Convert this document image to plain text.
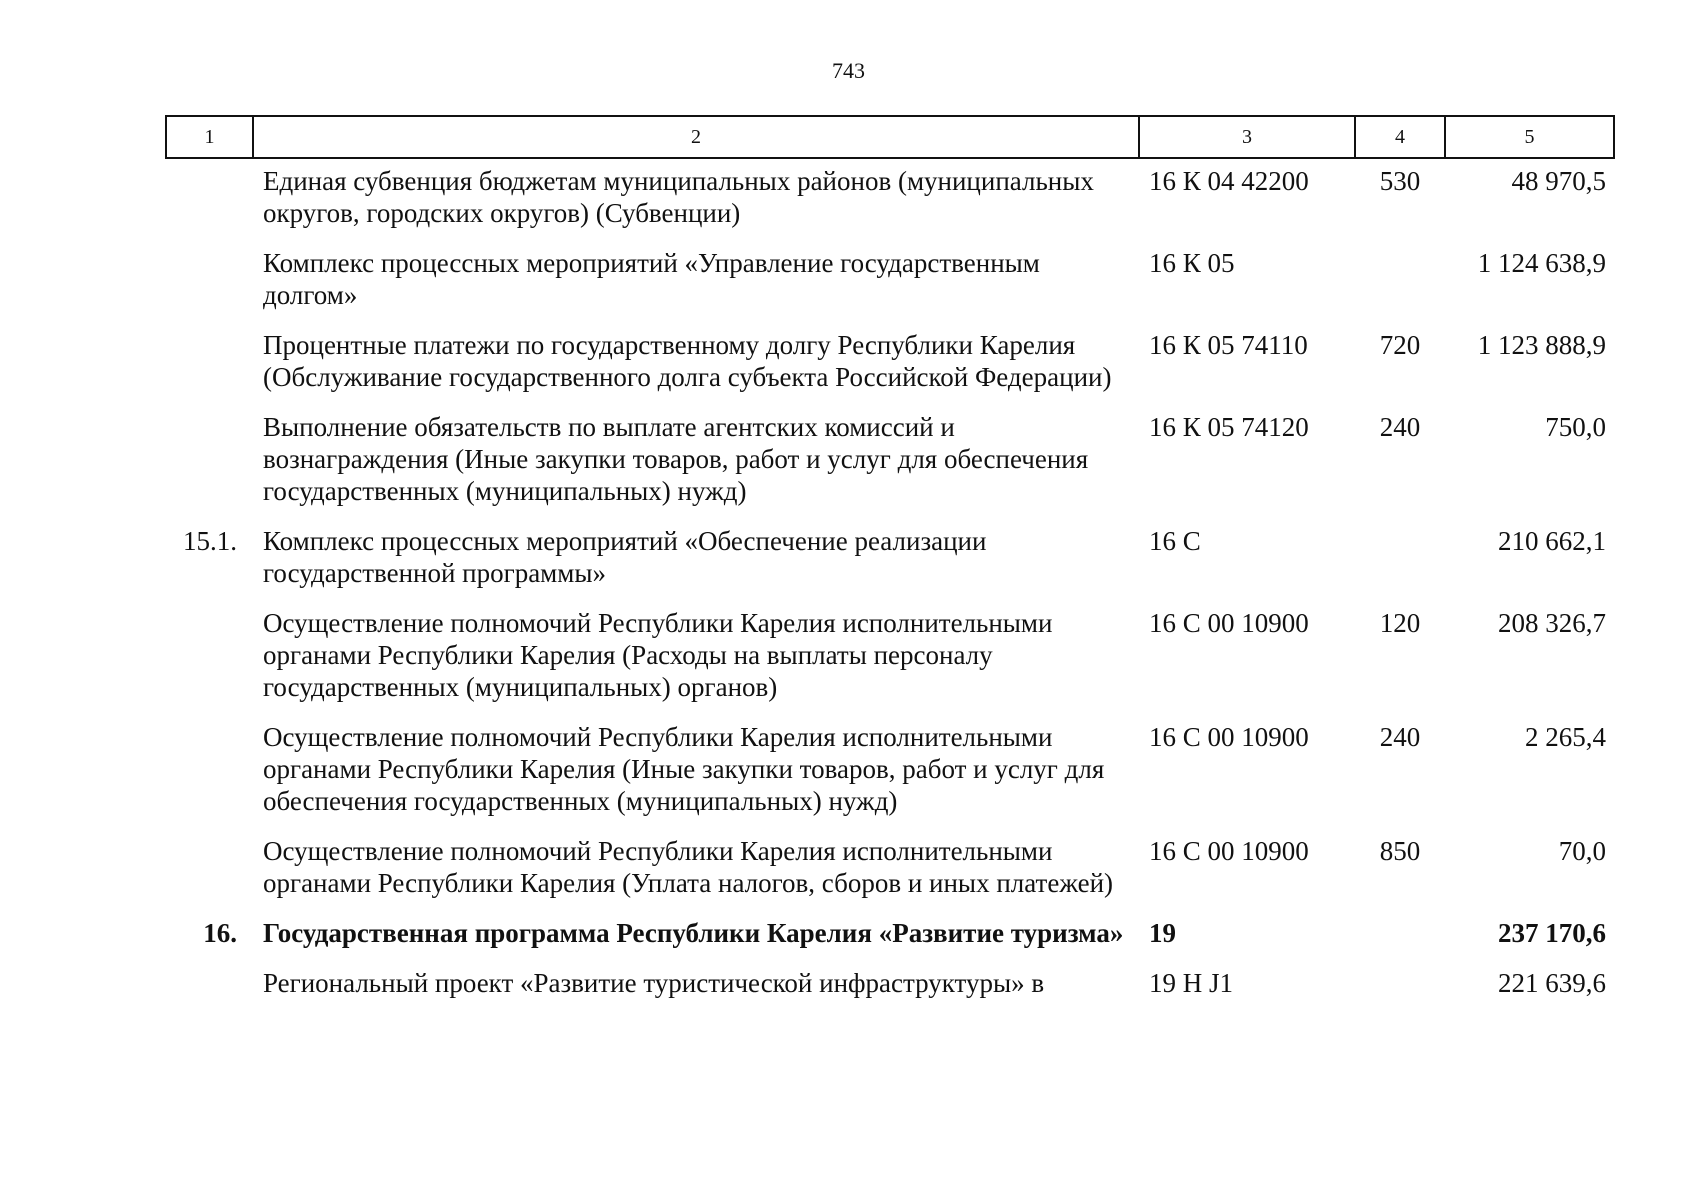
743
1	2	3	4	5
	Единая субвенция бюджетам муниципальных районов (муниципальных округов, городских округов) (Субвенции)	16 К 04 42200	530	48 970,5
	Комплекс процессных мероприятий «Управление государственным долгом»	16 К 05		1 124 638,9
	Процентные платежи по государственному долгу Республики Карелия (Обслуживание государственного долга субъекта Российской Федерации)	16 К 05 74110	720	1 123 888,9
	Выполнение обязательств по выплате агентских комиссий и вознаграждения (Иные закупки товаров, работ и услуг для обеспечения государственных (муниципальных) нужд)	16 К 05 74120	240	750,0
15.1.	Комплекс процессных мероприятий «Обеспечение реализации государственной программы»	16 С		210 662,1
	Осуществление полномочий Республики Карелия исполнительными органами Республики Карелия (Расходы на выплаты персоналу государственных (муниципальных) органов)	16 С 00 10900	120	208 326,7
	Осуществление полномочий Республики Карелия исполнительными органами Республики Карелия (Иные закупки товаров, работ и услуг для обеспечения государственных (муниципальных) нужд)	16 С 00 10900	240	2 265,4
	Осуществление полномочий Республики Карелия исполнительными органами Республики Карелия (Уплата налогов, сборов и иных платежей)	16 С 00 10900	850	70,0
16.	Государственная программа Республики Карелия «Развитие туризма»	19		237 170,6
	Региональный проект «Развитие туристической инфраструктуры» в	19 Н J1		221 639,6
